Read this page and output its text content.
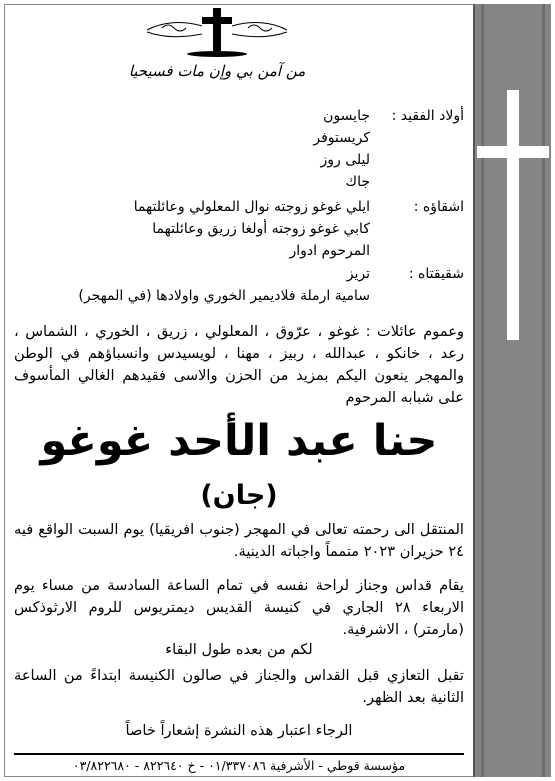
من آمن بي وإن مات فسيحيا
أولاد الفقيد :
جايسون
كريستوفر
ليلى روز
جاك
اشقاؤه :
ايلي غوغو زوجته نوال المعلولي وعائلتهما
كابي غوغو زوجته أولغا زريق وعائلتهما
المرحوم ادوار
شقيقتاه :
تريز
سامية ارملة فلاديمير الخوري واولادها (في المهجر)
وعموم عائلات : غوغو ، عرّوق ، المعلولي ، زريق ، الخوري ، الشماس ، رعد ، خانكو ، عبدالله ، ربيز ، مهنا ، لويسيدس وانسباؤهم في الوطن والمهجر ينعون اليكم بمزيد من الحزن والاسى فقيدهم الغالي المأسوف على شبابه المرحوم
حنا عبد الأحد غوغو
(جان)
المنتقل الى رحمته تعالى في المهجر (جنوب افريقيا) يوم السبت الواقع فيه ٢٤ حزيران ٢٠٢٣ متمماً واجباته الدينية.
يقام قداس وجناز لراحة نفسه في تمام الساعة السادسة من مساء يوم الاربعاء ٢٨ الجاري في كنيسة القديس ديمتريوس للروم الارثوذكس (مارمتر) ، الاشرفية.
لكم من بعده طول البقاء
تقبل التعازي قبل القداس والجناز في صالون الكنيسة ابتداءً من الساعة الثانية بعد الظهر.
الرجاء اعتبار هذه النشرة إشعاراً خاصاً
مؤسسة قوطي - الأشرفية ٠١/٣٣٧٠٨٦ - خ ٨٢٢٦٤٠ - ٠٣/٨٢٢٦٨٠
